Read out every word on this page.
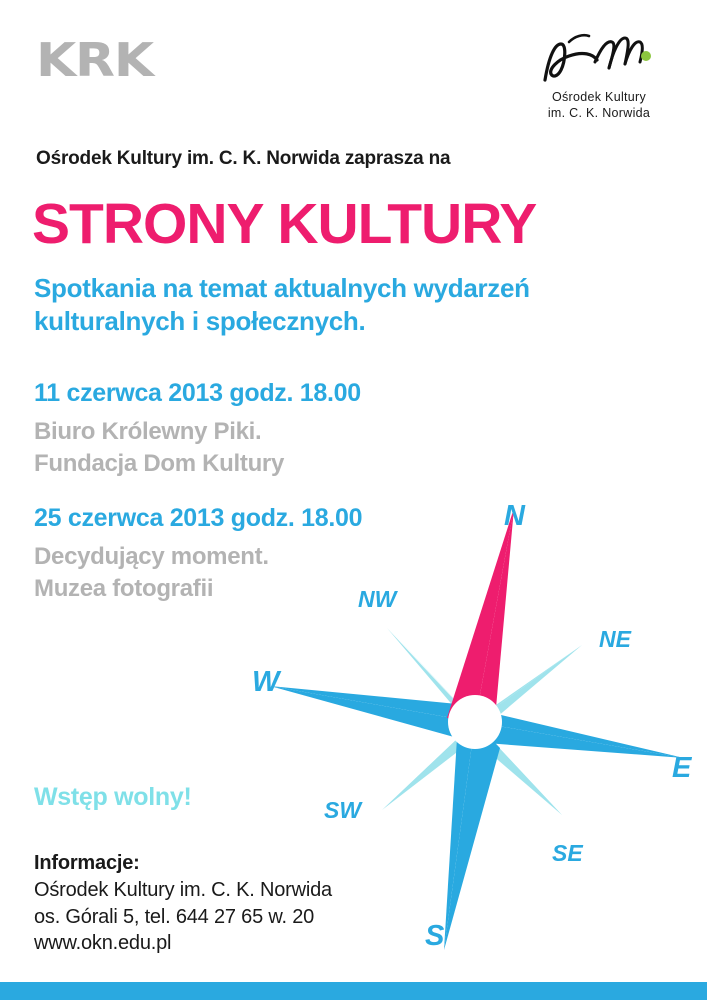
KRK
Ośrodek Kultury
im. C. K. Norwida
Ośrodek Kultury im. C. K. Norwida zaprasza na
STRONY KULTURY
Spotkania na temat aktualnych wydarzeń
kulturalnych i społecznych.
11 czerwca 2013 godz. 18.00
Biuro Królewny Piki.
Fundacja Dom Kultury
25 czerwca 2013 godz. 18.00
Decydujący moment.
Muzea fotografii
Wstęp wolny!
Informacje:
Ośrodek Kultury im. C. K. Norwida
os. Górali 5, tel. 644 27 65 w. 20
www.okn.edu.pl
N
E
S
W
NE
SE
SW
NW
